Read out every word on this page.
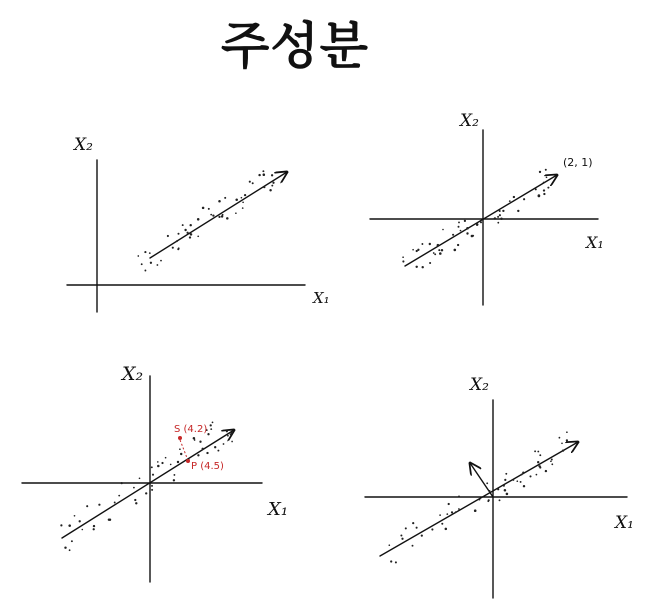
주성분
X₂
X₁
X₂
X₁
(2, 1)
X₂
X₁
S (4.2)
P (4.5)
X₂
X₁
